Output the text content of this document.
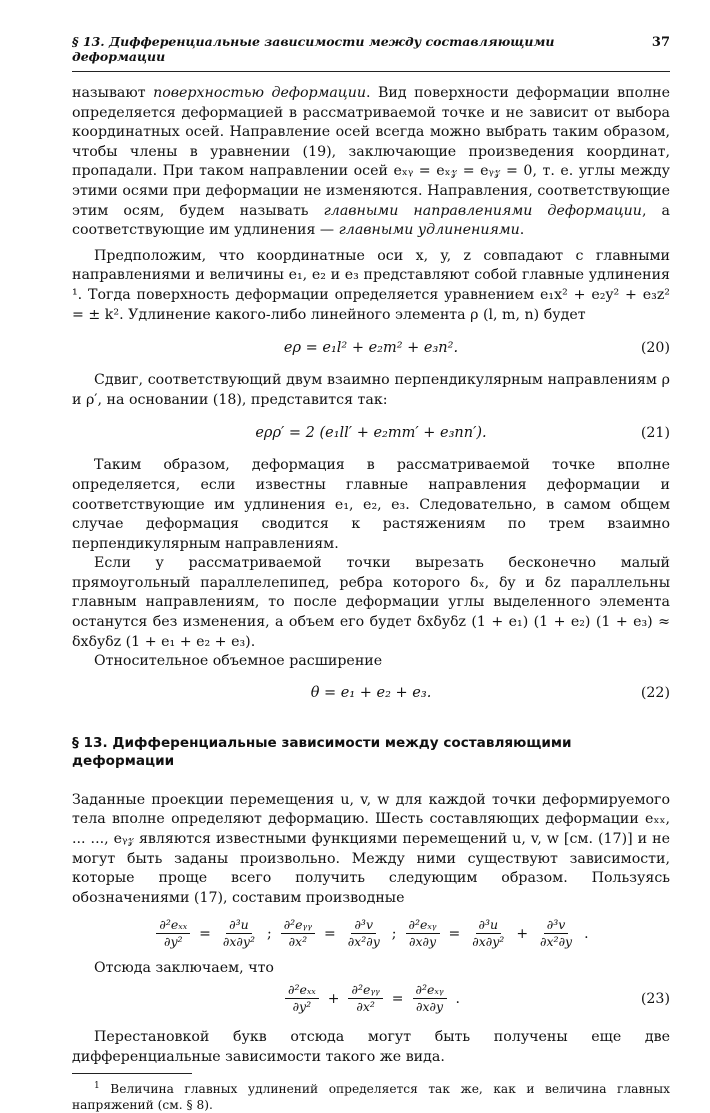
§ 13. Дифференциальные зависимости между составляющими деформации
37

называют поверхностью деформации. Вид поверхности деформации вполне определяется деформацией в рассматриваемой точке и не зависит от выбора координатных осей. Направление осей всегда можно выбрать таким образом, чтобы члены в уравнении (19), заключающие произведения координат, пропадали. При таком направлении осей eₓᵧ = eₓ𝓏 = eᵧ𝓏 = 0, т. е. углы между этими осями при деформации не изменяются. Направления, соответствующие этим осям, будем называть главными направлениями деформации, а соответствующие им удлинения — главными удлинениями.

Предположим, что координатные оси x, y, z совпадают с главными направлениями и величины e₁, e₂ и e₃ представляют собой главные удлинения ¹. Тогда поверхность деформации определяется уравнением e₁x² + e₂y² + e₃z² = ± k². Удлинение какого-либо линейного элемента ρ (l, m, n) будет

eρ = e₁l² + e₂m² + e₃n².	(20)

Сдвиг, соответствующий двум взаимно перпендикулярным направлениям ρ и ρ′, на основании (18), представится так:

eρρ′ = 2 (e₁ll′ + e₂mm′ + e₃nn′).	(21)

Таким образом, деформация в рассматриваемой точке вполне определяется, если известны главные направления деформации и соответствующие им удлинения e₁, e₂, e₃. Следовательно, в самом общем случае деформация сводится к растяжениям по трем взаимно перпендикулярным направлениям.

Если у рассматриваемой точки вырезать бесконечно малый прямоугольный параллелепипед, ребра которого δₓ, δy и δz параллельны главным направлениям, то после деформации углы выделенного элемента останутся без изменения, а объем его будет δxδyδz (1 + e₁) (1 + e₂) (1 + e₃) ≈ δxδyδz (1 + e₁ + e₂ + e₃).

Относительное объемное расширение

θ = e₁ + e₂ + e₃.	(22)
§ 13. Дифференциальные зависимости между составляющими деформации

Заданные проекции перемещения u, v, w для каждой точки деформируемого тела вполне определяют деформацию. Шесть составляющих деформации eₓₓ, ... ..., eᵧ𝓏 являются известными функциями перемещений u, v, w [см. (17)] и не могут быть заданы произвольно. Между ними существуют зависимости, которые проще всего получить следующим образом. Пользуясь обозначениями (17), составим производные

$\frac{\text{∂²eₓₓ}}{\text{∂y²}} = \frac{\text{∂³u}}{\text{∂x∂y²}}$ ; $\frac{\text{∂²eᵧᵧ}}{\text{∂x²}} = \frac{\text{∂³v}}{\text{∂x²∂y}}$ ; $\frac{\text{∂²eₓᵧ}}{\partial x\partial y} = \frac{\text{∂³u}}{\text{∂x∂y²}} + \frac{\text{∂³v}}{\text{∂x²∂y}}$ .

Отсюда заключаем, что

$\frac{\text{∂²eₓₓ}}{\text{∂y²}} + \frac{\text{∂²eᵧᵧ}}{\text{∂x²}} = \frac{\text{∂²eₓᵧ}}{\partial x\partial y}$ .	(23)

Перестановкой букв отсюда могут быть получены еще две дифференциальные зависимости такого же вида.

$^1$ Величина главных удлинений определяется так же, как и величина главных напряжений (см. § 8).
